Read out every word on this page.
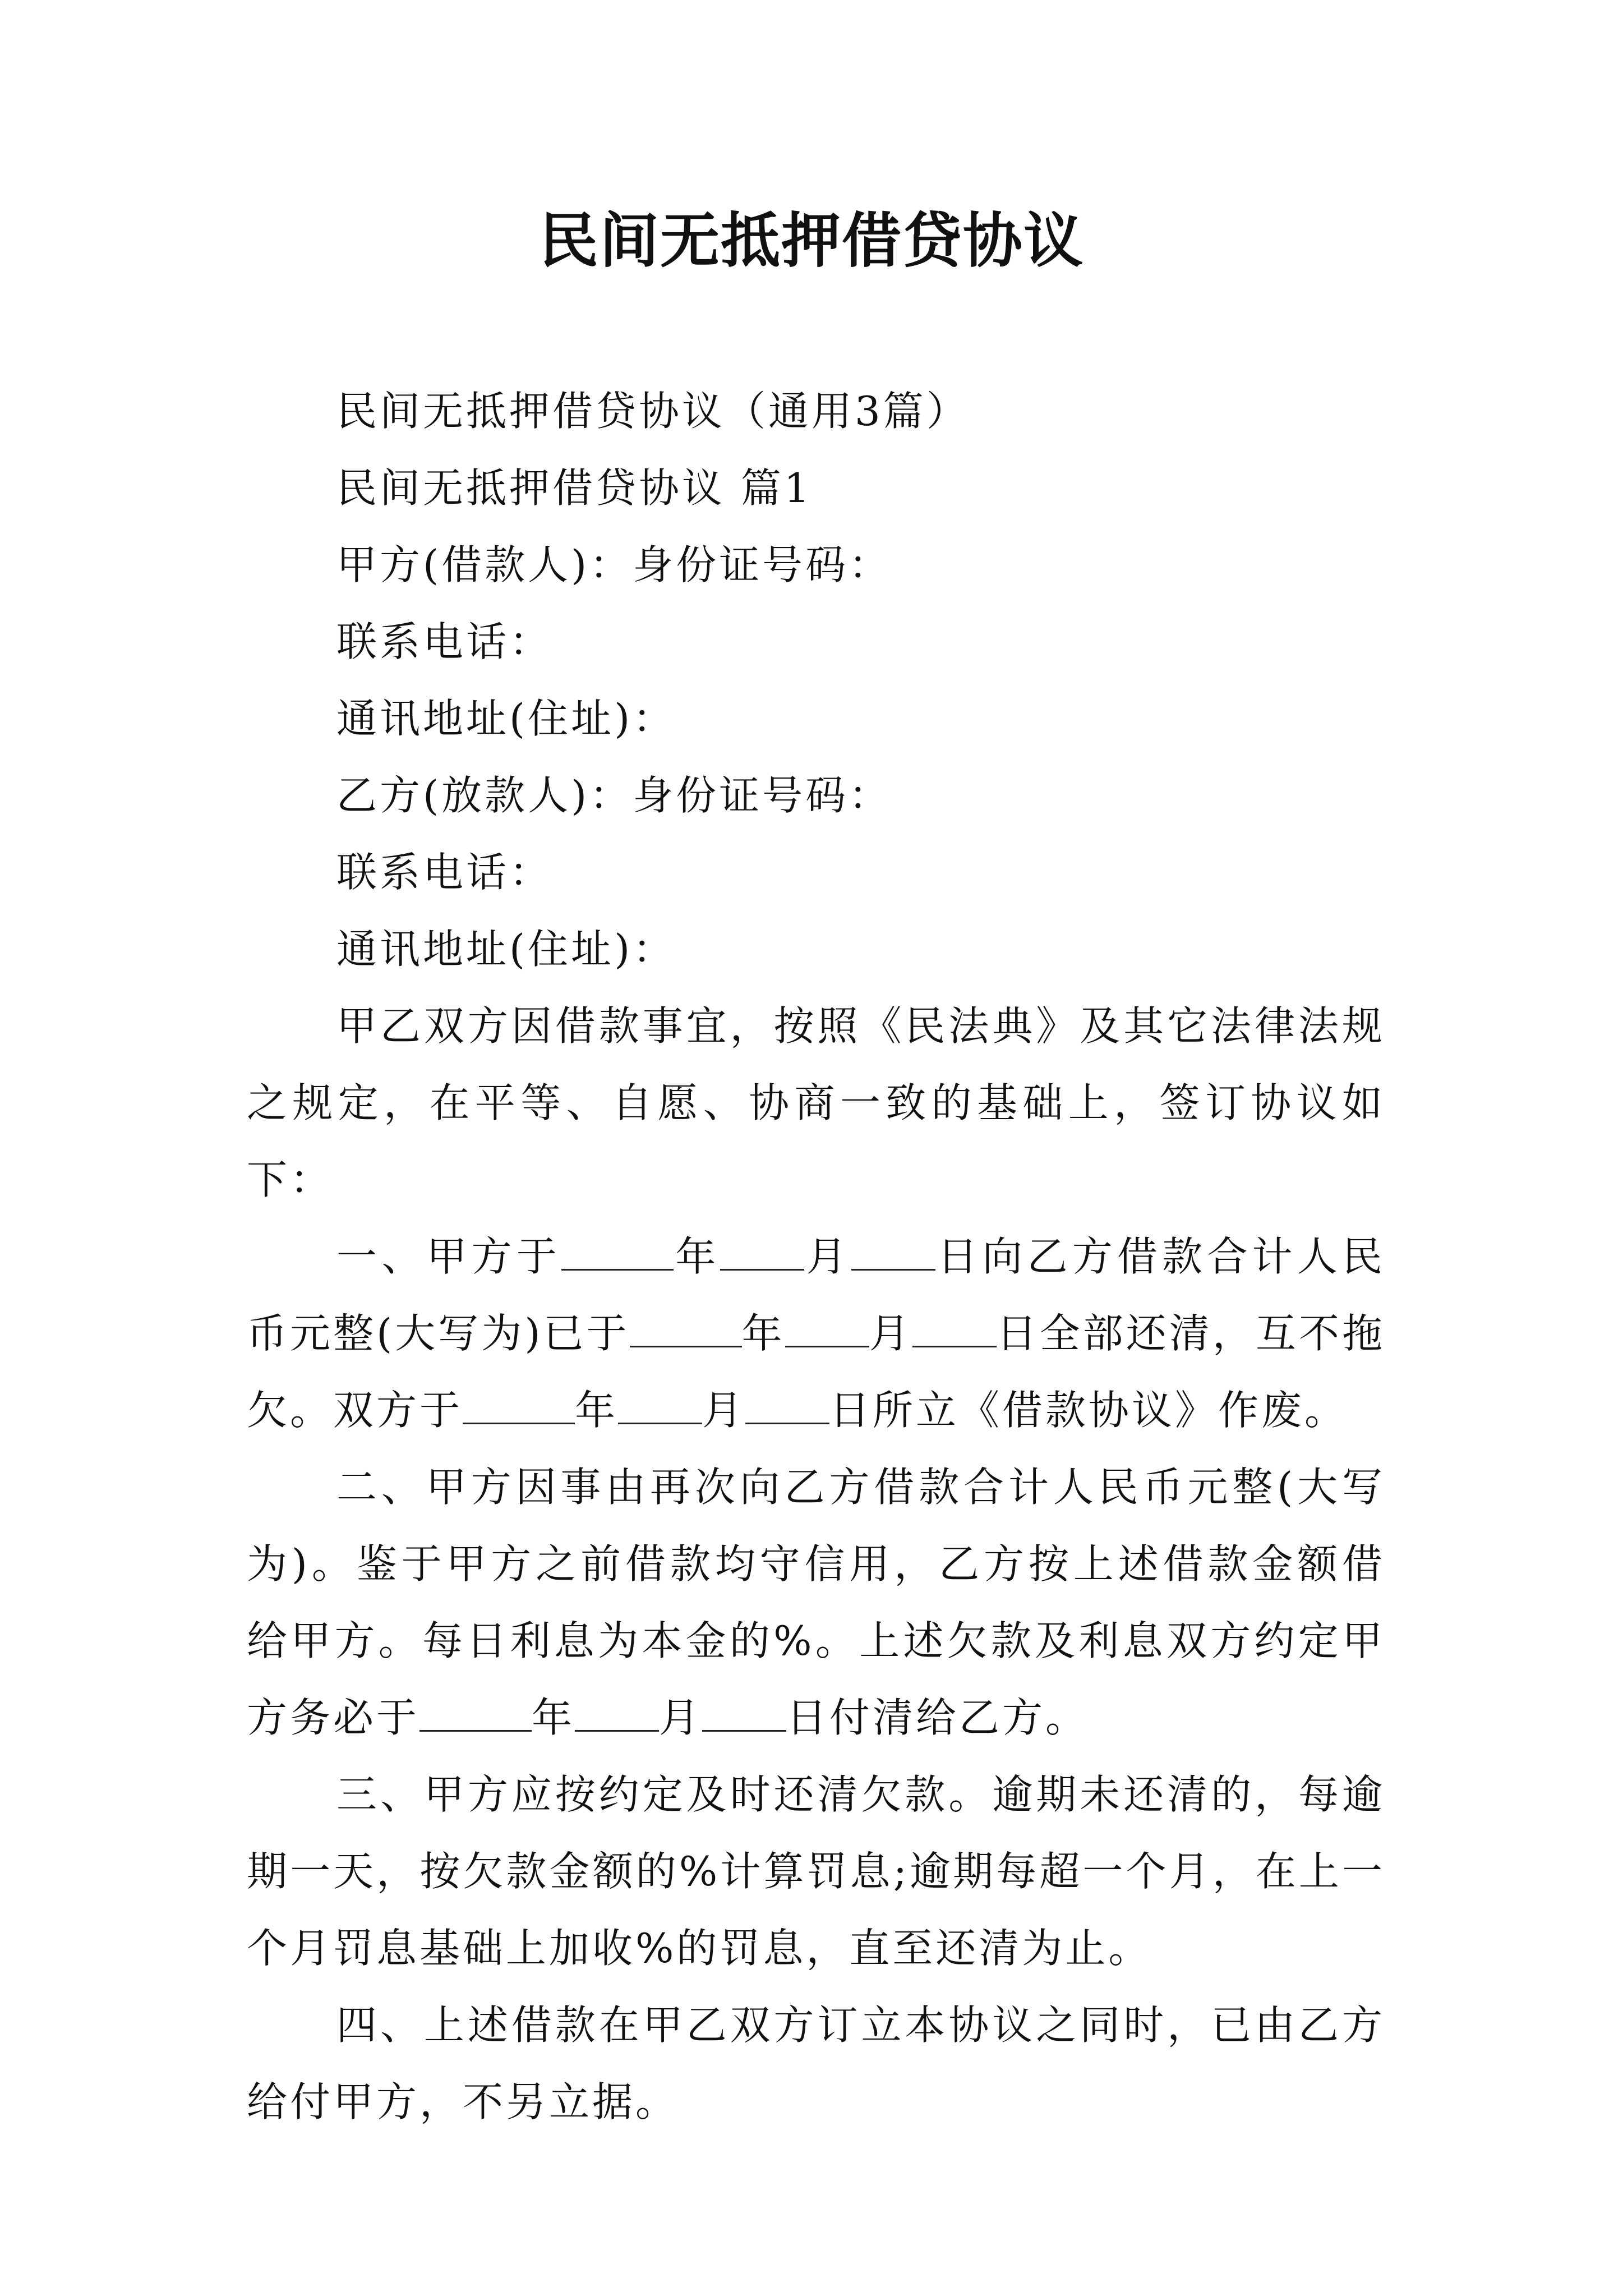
民间无抵押借贷协议

民间无抵押借贷协议（通用3篇）

民间无抵押借贷协议 篇1

甲方(借款人)：身份证号码：

联系电话：

通讯地址(住址)：

乙方(放款人)：身份证号码：

联系电话：

通讯地址(住址)：

甲乙双方因借款事宜，按照《民法典》及其它法律法规之规定，在平等、自愿、协商一致的基础上，签订协议如下：

一、甲方于	年 月 日向乙方借款合计人民币元整(大写为)已于	年 月 日全部还清，互不拖欠。双方于	年 月 日所立《借款协议》作废。

二、甲方因事由再次向乙方借款合计人民币元整(大写为)。鉴于甲方之前借款均守信用，乙方按上述借款金额借给甲方。每日利息为本金的%。上述欠款及利息双方约定甲方务必于	年 月 日付清给乙方。

三、甲方应按约定及时还清欠款。逾期未还清的，每逾期一天，按欠款金额的%计算罚息;逾期每超一个月，在上一个月罚息基础上加收%的罚息，直至还清为止。

四、上述借款在甲乙双方订立本协议之同时，已由乙方给付甲方，不另立据。
